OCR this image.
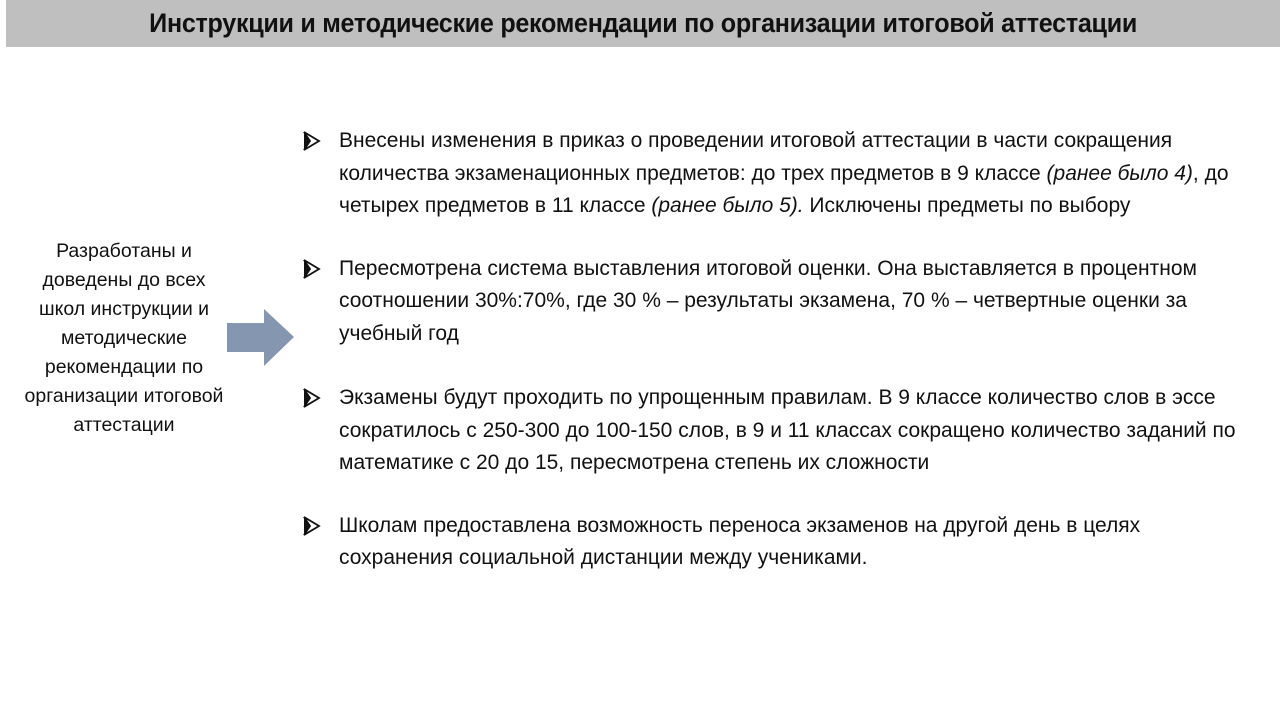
Инструкции и методические рекомендации по организации итоговой аттестации
Разработаны и доведены до всех школ инструкции и методические рекомендации по организации итоговой аттестации
Внесены изменения в приказ о проведении итоговой аттестации в части сокращения количества экзаменационных предметов: до трех предметов в 9 классе (ранее было 4), до четырех предметов в 11 классе (ранее было 5). Исключены предметы по выбору
Пересмотрена система выставления итоговой оценки. Она выставляется в процентном соотношении 30%:70%, где 30 % – результаты экзамена, 70 % – четвертные оценки за учебный год
Экзамены будут проходить по упрощенным правилам. В 9 классе количество слов в эссе сократилось с 250-300 до 100-150 слов, в 9 и 11 классах сокращено количество заданий по математике с 20 до 15, пересмотрена степень их сложности
Школам предоставлена возможность переноса экзаменов на другой день в целях сохранения социальной дистанции между учениками.
